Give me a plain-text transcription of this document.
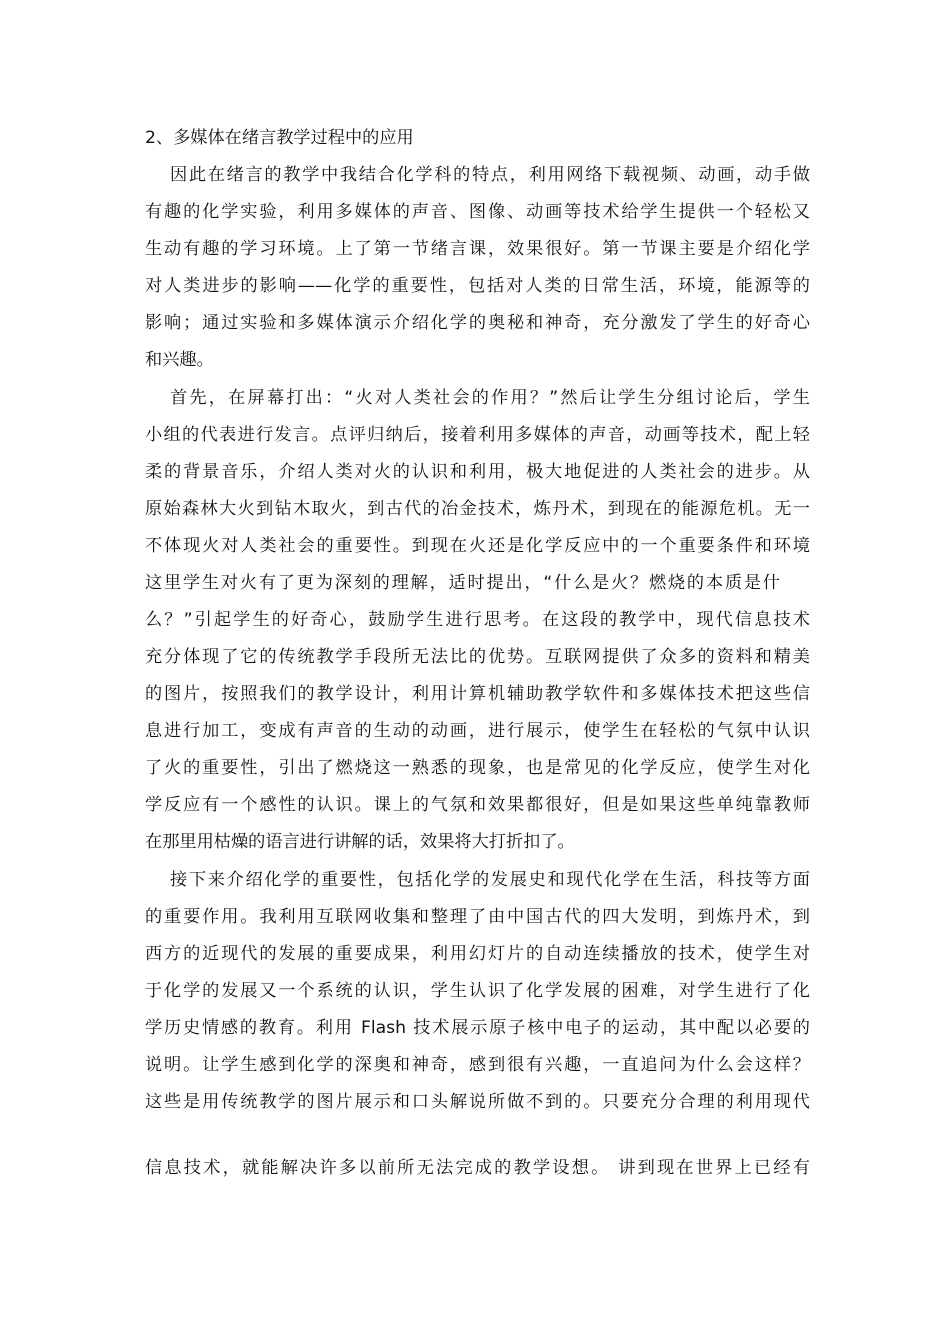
2、多媒体在绪言教学过程中的应用
因此在绪言的教学中我结合化学科的特点，利用网络下载视频、动画，动手做
有趣的化学实验，利用多媒体的声音、图像、动画等技术给学生提供一个轻松又
生动有趣的学习环境。上了第一节绪言课，效果很好。第一节课主要是介绍化学
对人类进步的影响——化学的重要性，包括对人类的日常生活，环境，能源等的
影响；通过实验和多媒体演示介绍化学的奥秘和神奇，充分激发了学生的好奇心
和兴趣。
首先，在屏幕打出：“火对人类社会的作用？”然后让学生分组讨论后，学生
小组的代表进行发言。点评归纳后，接着利用多媒体的声音，动画等技术，配上轻
柔的背景音乐，介绍人类对火的认识和利用，极大地促进的人类社会的进步。从
原始森林大火到钻木取火，到古代的冶金技术，炼丹术，到现在的能源危机。无一
不体现火对人类社会的重要性。到现在火还是化学反应中的一个重要条件和环境
这里学生对火有了更为深刻的理解，适时提出，“什么是火？燃烧的本质是什
么？”引起学生的好奇心，鼓励学生进行思考。在这段的教学中，现代信息技术
充分体现了它的传统教学手段所无法比的优势。互联网提供了众多的资料和精美
的图片，按照我们的教学设计，利用计算机辅助教学软件和多媒体技术把这些信
息进行加工，变成有声音的生动的动画，进行展示，使学生在轻松的气氛中认识
了火的重要性，引出了燃烧这一熟悉的现象，也是常见的化学反应，使学生对化
学反应有一个感性的认识。课上的气氛和效果都很好，但是如果这些单纯靠教师
在那里用枯燥的语言进行讲解的话，效果将大打折扣了。
接下来介绍化学的重要性，包括化学的发展史和现代化学在生活，科技等方面
的重要作用。我利用互联网收集和整理了由中国古代的四大发明，到炼丹术，到
西方的近现代的发展的重要成果，利用幻灯片的自动连续播放的技术，使学生对
于化学的发展又一个系统的认识，学生认识了化学发展的困难，对学生进行了化
学历史情感的教育。利用 Flash 技术展示原子核中电子的运动，其中配以必要的
说明。让学生感到化学的深奥和神奇，感到很有兴趣，一直追问为什么会这样？
这些是用传统教学的图片展示和口头解说所做不到的。只要充分合理的利用现代
信息技术，就能解决许多以前所无法完成的教学设想。 讲到现在世界上已经有
